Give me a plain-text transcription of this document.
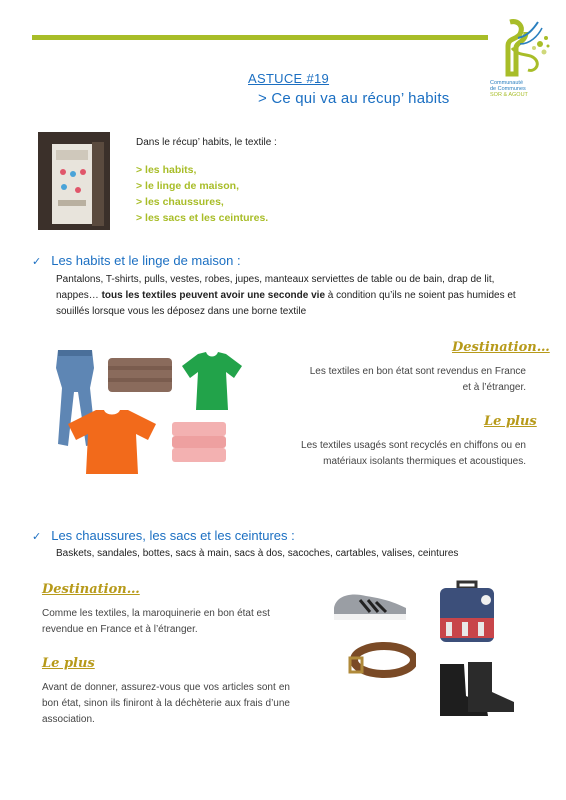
Communauté
de Communes
SOR & AGOUT
ASTUCE #19
> Ce qui va au récup’ habits
Dans le récup’ habits, le textile :
> les habits,
> le linge de maison,
> les chaussures,
> les sacs et les ceintures.
✓ Les habits et le linge de maison :
Pantalons, T-shirts, pulls, vestes, robes, jupes, manteaux serviettes de table ou de bain, drap de lit, nappes… tous les textiles peuvent avoir une seconde vie à condition qu’ils ne soient pas humides et souillés lorsque vous les déposez dans une borne textile
Destination…
Les textiles en bon état sont revendus en France et à l’étranger.
Le plus
Les textiles usagés sont recyclés en chiffons ou en matériaux isolants thermiques et acoustiques.
✓ Les chaussures, les sacs et les ceintures :
Baskets, sandales, bottes, sacs à main, sacs à dos, sacoches, cartables, valises, ceintures
Destination…
Comme les textiles, la maroquinerie en bon état est revendue en France et à l’étranger.
Le plus
Avant de donner, assurez-vous que vos articles sont en bon état, sinon ils finiront à la déchèterie aux frais d’une association.
